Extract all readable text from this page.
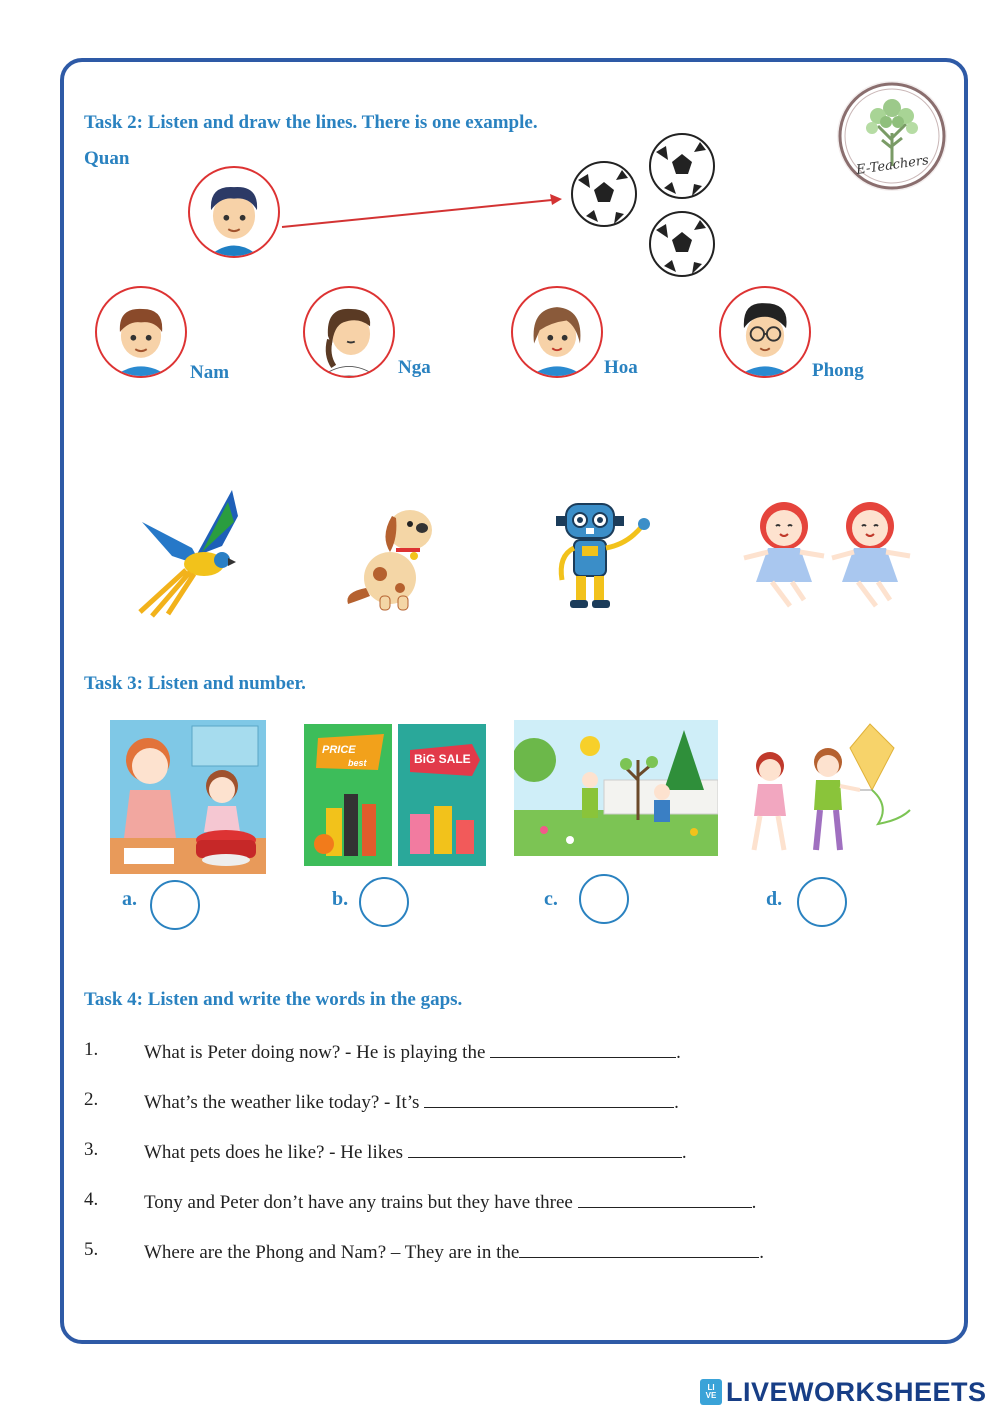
E-Teachers
Task 2: Listen and draw the lines. There is one example.
Quan
Nam	Nga	Hoa	Phong
Task 3: Listen and number.
PRICE
best	BiG SALE
a.	b.	c.	d.
Task 4: Listen and write the words in the gaps.
1. What is Peter doing now? - He is playing the	.
2. What’s the weather like today? - It’s	.
3. What pets does he like? - He likes	.
4. Tony and Peter don’t have any trains but they have three	.
5. Where are the Phong and Nam? – They are in the	.
LIVE LIVEWORKSHEETS
